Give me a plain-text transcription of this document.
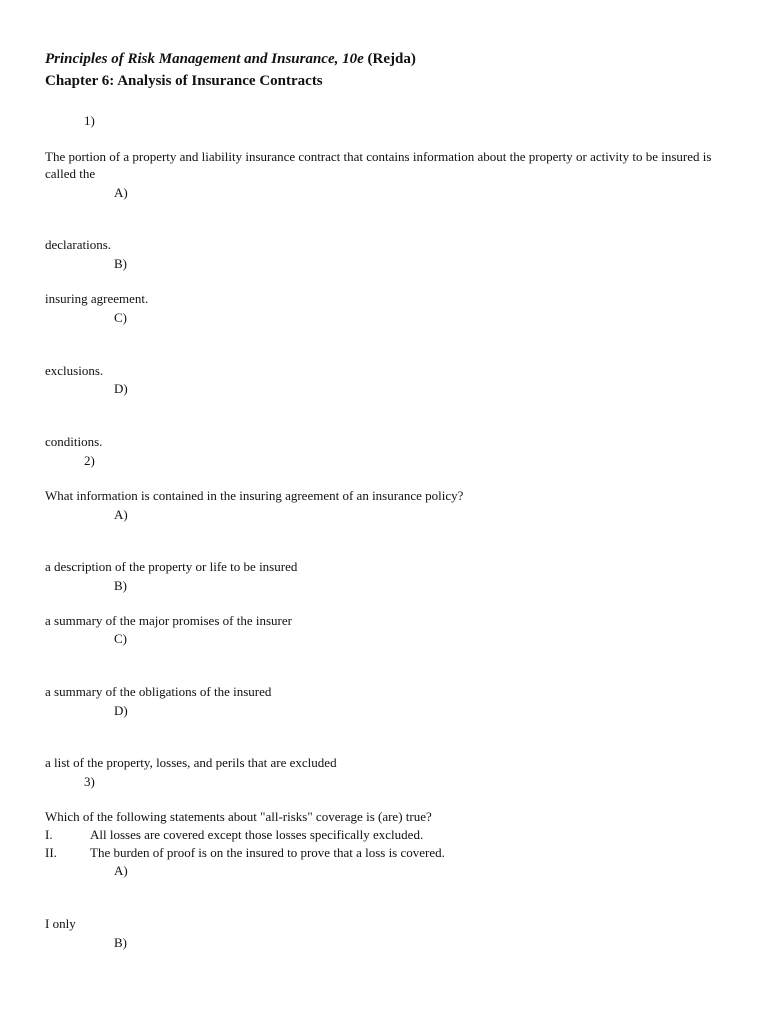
Principles of Risk Management and Insurance, 10e (Rejda)
Chapter 6: Analysis of Insurance Contracts
1)
The portion of a property and liability insurance contract that contains information about the property or activity to be insured is called the
A)
declarations.
B)
insuring agreement.
C)
exclusions.
D)
conditions.
2)
What information is contained in the insuring agreement of an insurance policy?
A)
a description of the property or life to be insured
B)
a summary of the major promises of the insurer
C)
a summary of the obligations of the insured
D)
a list of the property, losses, and perils that are excluded
3)
Which of the following statements about "all-risks" coverage is (are) true?
I.	All losses are covered except those losses specifically excluded.
II.	The burden of proof is on the insured to prove that a loss is covered.
A)
I only
B)
